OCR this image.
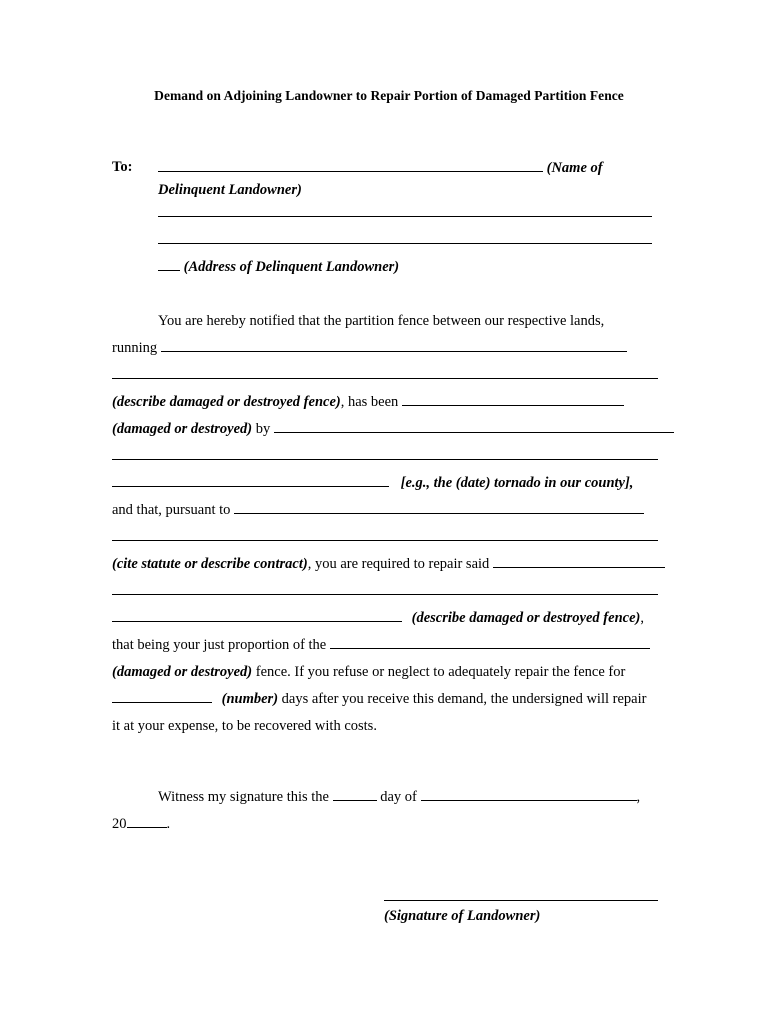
Demand on Adjoining Landowner to Repair Portion of Damaged Partition Fence
To:	(Name of Delinquent Landowner)
(Address of Delinquent Landowner)

You are hereby notified that the partition fence between our respective lands,

running

(describe damaged or destroyed fence), has been

(damaged or destroyed) by

[e.g., the (date) tornado in our county],

and that, pursuant to

(cite statute or describe contract), you are required to repair said

(describe damaged or destroyed fence),

that being your just proportion of the

(damaged or destroyed) fence. If you refuse or neglect to adequately repair the fence for

(number) days after you receive this demand, the undersigned will repair

it at your expense, to be recovered with costs.

Witness my signature this the	day of	,

20	.

(Signature of Landowner)
